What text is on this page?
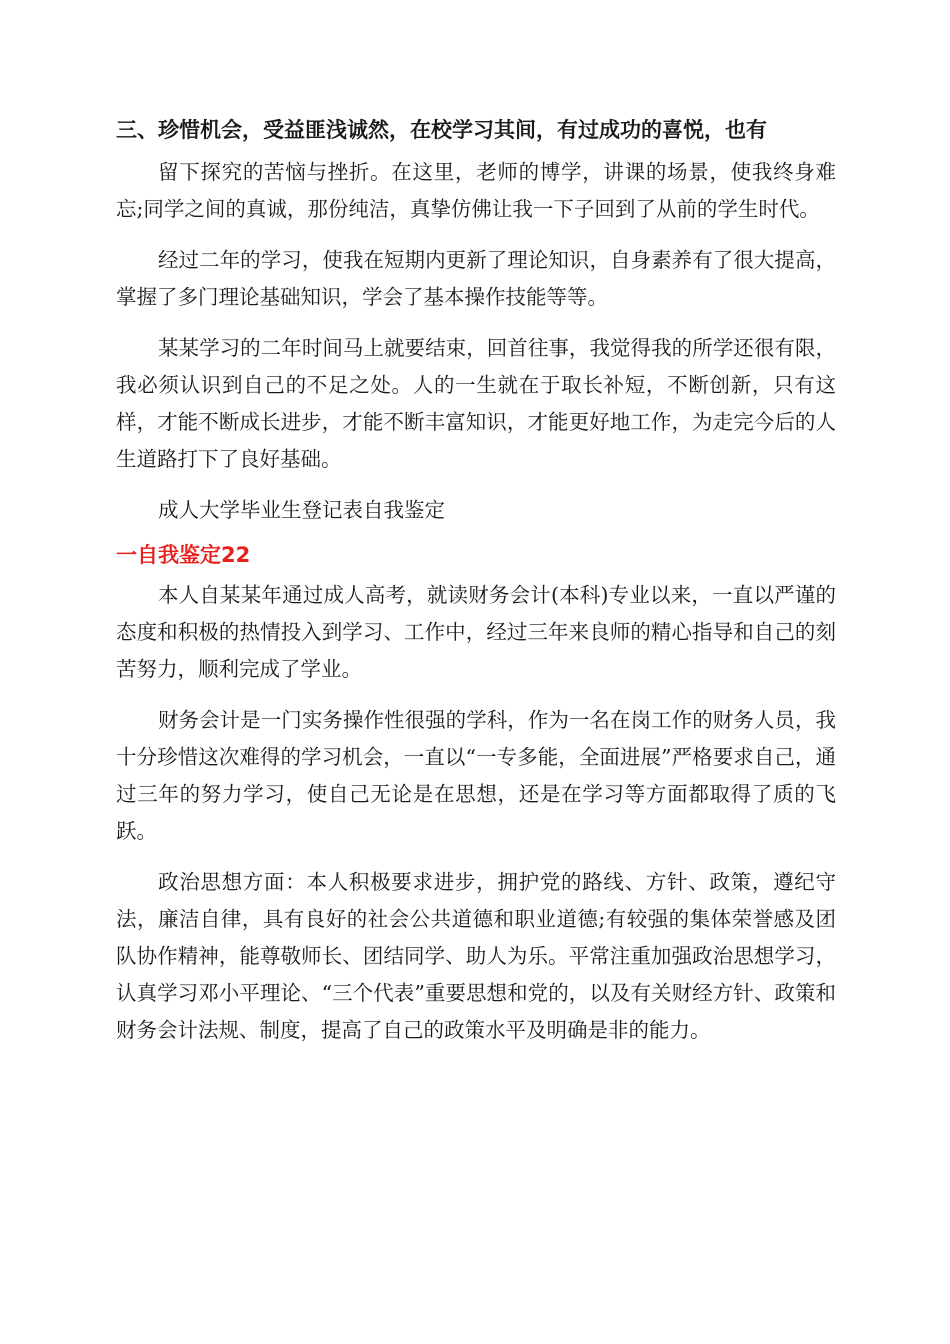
三、珍惜机会，受益匪浅诚然，在校学习其间，有过成功的喜悦，也有

留下探究的苦恼与挫折。在这里，老师的博学，讲课的场景，使我终身难忘;同学之间的真诚，那份纯洁，真挚仿佛让我一下子回到了从前的学生时代。

经过二年的学习，使我在短期内更新了理论知识，自身素养有了很大提高，掌握了多门理论基础知识，学会了基本操作技能等等。

某某学习的二年时间马上就要结束，回首往事，我觉得我的所学还很有限，我必须认识到自己的不足之处。人的一生就在于取长补短，不断创新，只有这样，才能不断成长进步，才能不断丰富知识，才能更好地工作，为走完今后的人生道路打下了良好基础。

成人大学毕业生登记表自我鉴定

一自我鉴定22

本人自某某年通过成人高考，就读财务会计(本科)专业以来，一直以严谨的态度和积极的热情投入到学习、工作中，经过三年来良师的精心指导和自己的刻苦努力，顺利完成了学业。

财务会计是一门实务操作性很强的学科，作为一名在岗工作的财务人员，我十分珍惜这次难得的学习机会，一直以“一专多能，全面进展”严格要求自己，通过三年的努力学习，使自己无论是在思想，还是在学习等方面都取得了质的飞跃。

政治思想方面：本人积极要求进步，拥护党的路线、方针、政策，遵纪守法，廉洁自律，具有良好的社会公共道德和职业道德;有较强的集体荣誉感及团队协作精神，能尊敬师长、团结同学、助人为乐。平常注重加强政治思想学习，认真学习邓小平理论、“三个代表”重要思想和党的，以及有关财经方针、政策和财务会计法规、制度，提高了自己的政策水平及明确是非的能力。
